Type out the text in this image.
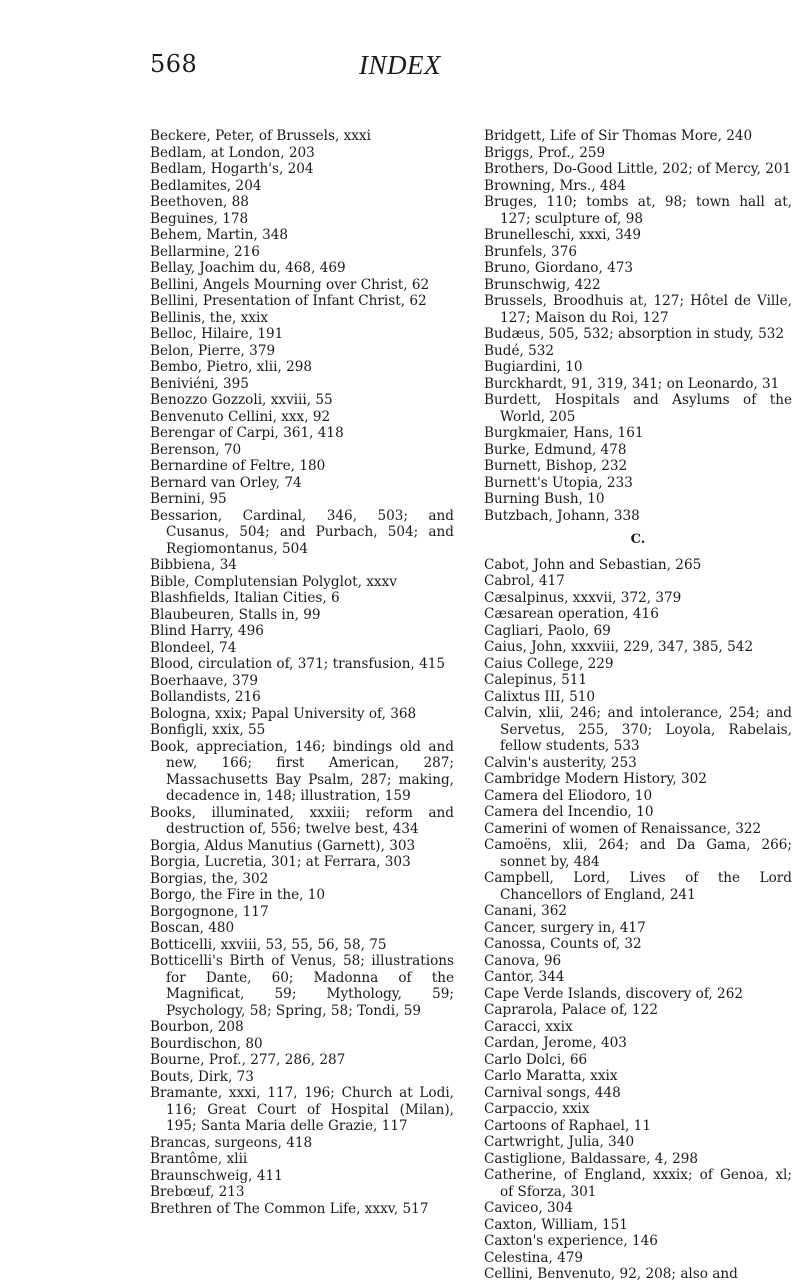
568	INDEX
Beckere, Peter, of Brussels, xxxi
Bedlam, at London, 203
Bedlam, Hogarth's, 204
Bedlamites, 204
Beethoven, 88
Beguines, 178
Behem, Martin, 348
Bellarmine, 216
Bellay, Joachim du, 468, 469
Bellini, Angels Mourning over Christ, 62
Bellini, Presentation of Infant Christ, 62
Bellinis, the, xxix
Belloc, Hilaire, 191
Belon, Pierre, 379
Bembo, Pietro, xlii, 298
Beniviéni, 395
Benozzo Gozzoli, xxviii, 55
Benvenuto Cellini, xxx, 92
Berengar of Carpi, 361, 418
Berenson, 70
Bernardine of Feltre, 180
Bernard van Orley, 74
Bernini, 95
Bessarion, Cardinal, 346, 503; and Cusanus, 504; and Purbach, 504; and Regiomontanus, 504
Bibbiena, 34
Bible, Complutensian Polyglot, xxxv
Blashfields, Italian Cities, 6
Blaubeuren, Stalls in, 99
Blind Harry, 496
Blondeel, 74
Blood, circulation of, 371; transfusion, 415
Boerhaave, 379
Bollandists, 216
Bologna, xxix; Papal University of, 368
Bonfigli, xxix, 55
Book, appreciation, 146; bindings old and new, 166; first American, 287; Massachusetts Bay Psalm, 287; making, decadence in, 148; illustration, 159
Books, illuminated, xxxiii; reform and destruction of, 556; twelve best, 434
Borgia, Aldus Manutius (Garnett), 303
Borgia, Lucretia, 301; at Ferrara, 303
Borgias, the, 302
Borgo, the Fire in the, 10
Borgognone, 117
Boscan, 480
Botticelli, xxviii, 53, 55, 56, 58, 75
Botticelli's Birth of Venus, 58; illustrations for Dante, 60; Madonna of the Magnificat, 59; Mythology, 59; Psychology, 58; Spring, 58; Tondi, 59
Bourbon, 208
Bourdischon, 80
Bourne, Prof., 277, 286, 287
Bouts, Dirk, 73
Bramante, xxxi, 117, 196; Church at Lodi, 116; Great Court of Hospital (Milan), 195; Santa Maria delle Grazie, 117
Brancas, surgeons, 418
Brantôme, xlii
Braunschweig, 411
Brebœuf, 213
Brethren of The Common Life, xxxv, 517
Bridgett, Life of Sir Thomas More, 240
Briggs, Prof., 259
Brothers, Do-Good Little, 202; of Mercy, 201
Browning, Mrs., 484
Bruges, 110; tombs at, 98; town hall at, 127; sculpture of, 98
Brunelleschi, xxxi, 349
Brunfels, 376
Bruno, Giordano, 473
Brunschwig, 422
Brussels, Broodhuis at, 127; Hôtel de Ville, 127; Maison du Roi, 127
Budæus, 505, 532; absorption in study, 532
Budé, 532
Bugiardini, 10
Burckhardt, 91, 319, 341; on Leonardo, 31
Burdett, Hospitals and Asylums of the World, 205
Burgkmaier, Hans, 161
Burke, Edmund, 478
Burnett, Bishop, 232
Burnett's Utopia, 233
Burning Bush, 10
Butzbach, Johann, 338
C.
Cabot, John and Sebastian, 265
Cabrol, 417
Cæsalpinus, xxxvii, 372, 379
Cæsarean operation, 416
Cagliari, Paolo, 69
Caius, John, xxxviii, 229, 347, 385, 542
Caius College, 229
Calepinus, 511
Calixtus III, 510
Calvin, xlii, 246; and intolerance, 254; and Servetus, 255, 370; Loyola, Rabelais, fellow students, 533
Calvin's austerity, 253
Cambridge Modern History, 302
Camera del Eliodoro, 10
Camera del Incendio, 10
Camerini of women of Renaissance, 322
Camoëns, xlii, 264; and Da Gama, 266; sonnet by, 484
Campbell, Lord, Lives of the Lord Chancellors of England, 241
Canani, 362
Cancer, surgery in, 417
Canossa, Counts of, 32
Canova, 96
Cantor, 344
Cape Verde Islands, discovery of, 262
Caprarola, Palace of, 122
Caracci, xxix
Cardan, Jerome, 403
Carlo Dolci, 66
Carlo Maratta, xxix
Carnival songs, 448
Carpaccio, xxix
Cartoons of Raphael, 11
Cartwright, Julia, 340
Castiglione, Baldassare, 4, 298
Catherine, of England, xxxix; of Genoa, xl; of Sforza, 301
Caviceo, 304
Caxton, William, 151
Caxton's experience, 146
Celestina, 479
Cellini, Benvenuto, 92, 208; also and
